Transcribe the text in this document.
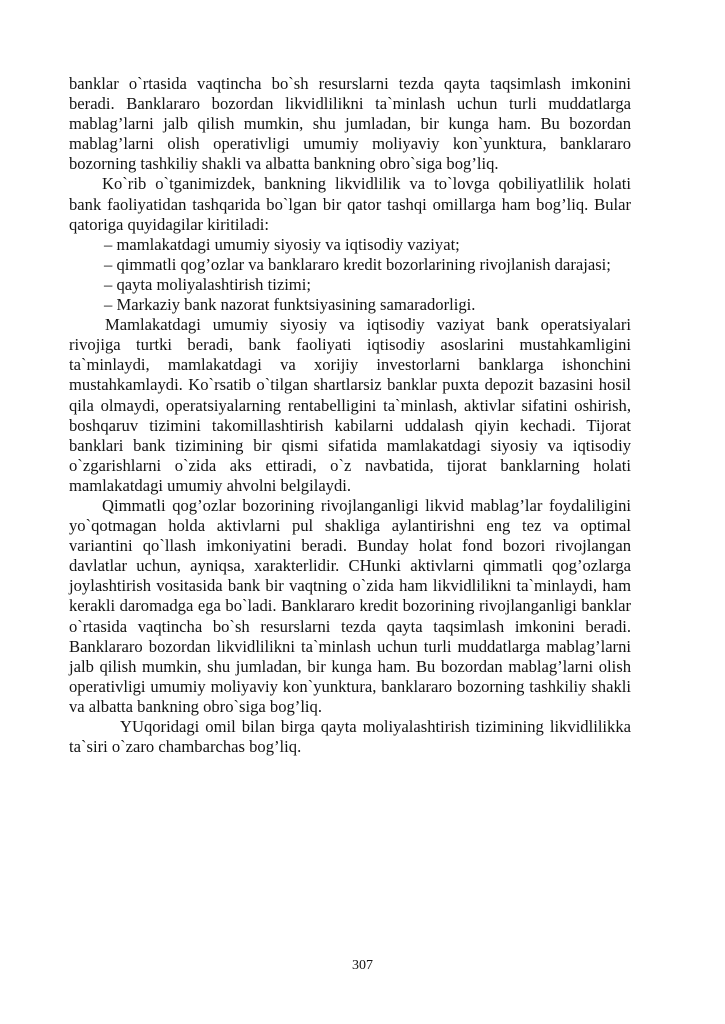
banklar o`rtasida vaqtincha bo`sh resurslarni tezda qayta taqsimlash imkonini beradi. Banklararo bozordan likvidlilikni ta`minlash uchun turli muddatlarga mablag’larni jalb qilish mumkin, shu jumladan, bir kunga ham. Bu bozordan mablag’larni olish operativligi umumiy moliyaviy kon`yunktura, banklararo bozorning tashkiliy shakli va albatta bankning obro`siga bog’liq.

Ko`rib o`tganimizdek, bankning likvidlilik va to`lovga qobiliyatlilik holati bank faoliyatidan tashqarida bo`lgan bir qator tashqi omillarga ham bog’liq. Bular qatoriga quyidagilar kiritiladi:

– mamlakatdagi umumiy siyosiy va iqtisodiy vaziyat;

– qimmatli qog’ozlar va banklararo kredit bozorlarining rivojlanish darajasi;

– qayta moliyalashtirish tizimi;

– Markaziy bank nazorat funktsiyasining samaradorligi.

Mamlakatdagi umumiy siyosiy va iqtisodiy vaziyat bank operatsiyalari rivojiga turtki beradi, bank faoliyati iqtisodiy asoslarini mustahkamligini ta`minlaydi, mamlakatdagi va xorijiy investorlarni banklarga ishonchini mustahkamlaydi. Ko`rsatib o`tilgan shartlarsiz banklar puxta depozit bazasini hosil qila olmaydi, operatsiyalarning rentabelligini ta`minlash, aktivlar sifatini oshirish, boshqaruv tizimini takomillashtirish kabilarni uddalash qiyin kechadi. Tijorat banklari bank tizimining bir qismi sifatida mamlakatdagi siyosiy va iqtisodiy o`zgarishlarni o`zida aks ettiradi, o`z navbatida, tijorat banklarning holati mamlakatdagi umumiy ahvolni belgilaydi.

Qimmatli qog’ozlar bozorining rivojlanganligi likvid mablag’lar foydaliligini yo`qotmagan holda aktivlarni pul shakliga aylantirishni eng tez va optimal variantini qo`llash imkoniyatini beradi. Bunday holat fond bozori rivojlangan davlatlar uchun, ayniqsa, xarakterlidir. CHunki aktivlarni qimmatli qog’ozlarga joylashtirish vositasida bank bir vaqtning o`zida ham likvidlilikni ta`minlaydi, ham kerakli daromadga ega bo`ladi. Banklararo kredit bozorining rivojlanganligi banklar o`rtasida vaqtincha bo`sh resurslarni tezda qayta taqsimlash imkonini beradi. Banklararo bozordan likvidlilikni ta`minlash uchun turli muddatlarga mablag’larni jalb qilish mumkin, shu jumladan, bir kunga ham. Bu bozordan mablag’larni olish operativligi umumiy moliyaviy kon`yunktura, banklararo bozorning tashkiliy shakli va albatta bankning obro`siga bog’liq.

YUqoridagi omil bilan birga qayta moliyalashtirish tizimining likvidlilikka ta`siri o`zaro chambarchas bog’liq.

307
